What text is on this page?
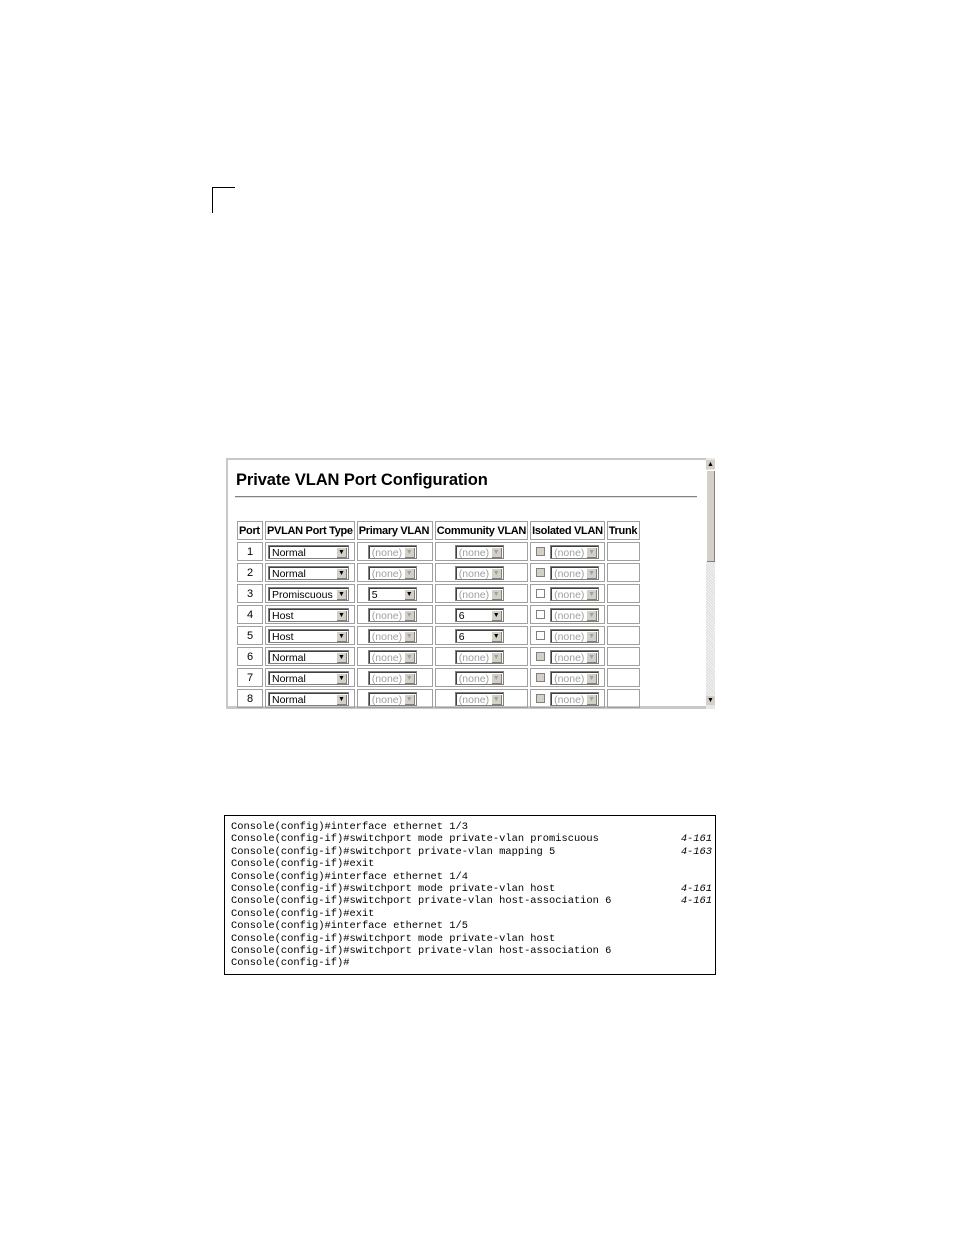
Private VLAN Port Configuration
Port	PVLAN Port Type	Primary VLAN	Community VLAN	Isolated VLAN	Trunk
1	Normal ▼	(none) ▼	(none) ▼	(none) ▼	

2	Normal ▼	(none) ▼	(none) ▼	(none) ▼	

3	Promiscuous ▼	5 ▼	(none) ▼	(none) ▼	

4	Host ▼	(none) ▼	6 ▼	(none) ▼	

5	Host ▼	(none) ▼	6 ▼	(none) ▼	

6	Normal ▼	(none) ▼	(none) ▼	(none) ▼	

7	Normal ▼	(none) ▼	(none) ▼	(none) ▼	

8	Normal ▼	(none) ▼	(none) ▼	(none) ▼	

▲
▼
Console(config)#interface ethernet 1/3
Console(config-if)#switchport mode private-vlan promiscuous	4-161
Console(config-if)#switchport private-vlan mapping 5	4-163
Console(config-if)#exit
Console(config)#interface ethernet 1/4
Console(config-if)#switchport mode private-vlan host	4-161
Console(config-if)#switchport private-vlan host-association 6	4-161
Console(config-if)#exit
Console(config)#interface ethernet 1/5
Console(config-if)#switchport mode private-vlan host
Console(config-if)#switchport private-vlan host-association 6
Console(config-if)#
